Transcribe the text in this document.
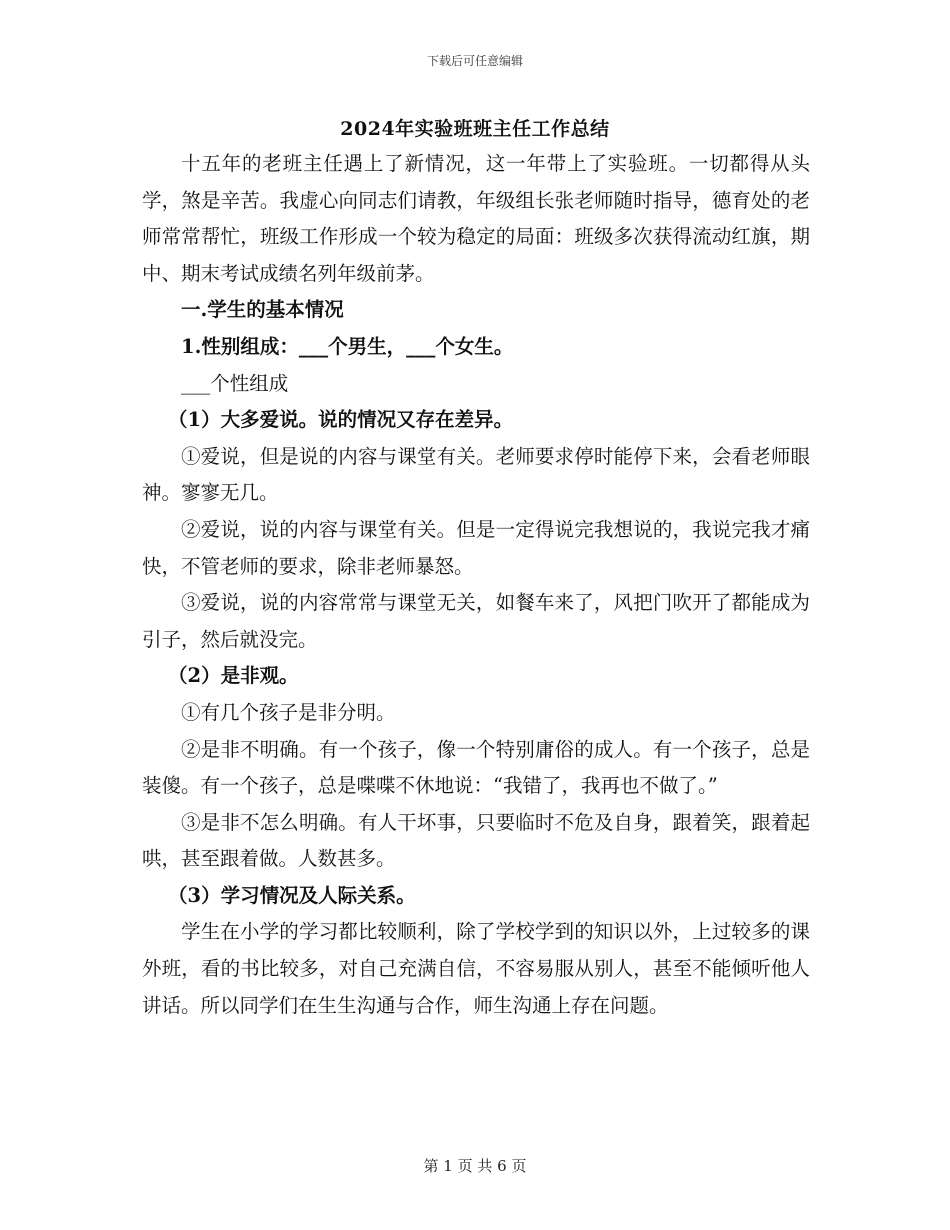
下载后可任意编辑
2024年实验班班主任工作总结

十五年的老班主任遇上了新情况，这一年带上了实验班。一切都得从头学，煞是辛苦。我虚心向同志们请教，年级组长张老师随时指导，德育处的老师常常帮忙，班级工作形成一个较为稳定的局面：班级多次获得流动红旗，期中、期末考试成绩名列年级前茅。

一.学生的基本情况

1.性别组成：___个男生，___个女生。

___个性组成

（1）大多爱说。说的情况又存在差异。

①爱说，但是说的内容与课堂有关。老师要求停时能停下来，会看老师眼神。寥寥无几。

②爱说，说的内容与课堂有关。但是一定得说完我想说的，我说完我才痛快，不管老师的要求，除非老师暴怒。

③爱说，说的内容常常与课堂无关，如餐车来了，风把门吹开了都能成为引子，然后就没完。

（2）是非观。

①有几个孩子是非分明。

②是非不明确。有一个孩子，像一个特别庸俗的成人。有一个孩子，总是装傻。有一个孩子，总是喋喋不休地说：“我错了，我再也不做了。”

③是非不怎么明确。有人干坏事，只要临时不危及自身，跟着笑，跟着起哄，甚至跟着做。人数甚多。

（3）学习情况及人际关系。

学生在小学的学习都比较顺利，除了学校学到的知识以外，上过较多的课外班，看的书比较多，对自己充满自信，不容易服从别人，甚至不能倾听他人讲话。所以同学们在生生沟通与合作，师生沟通上存在问题。

第 1 页 共 6 页
